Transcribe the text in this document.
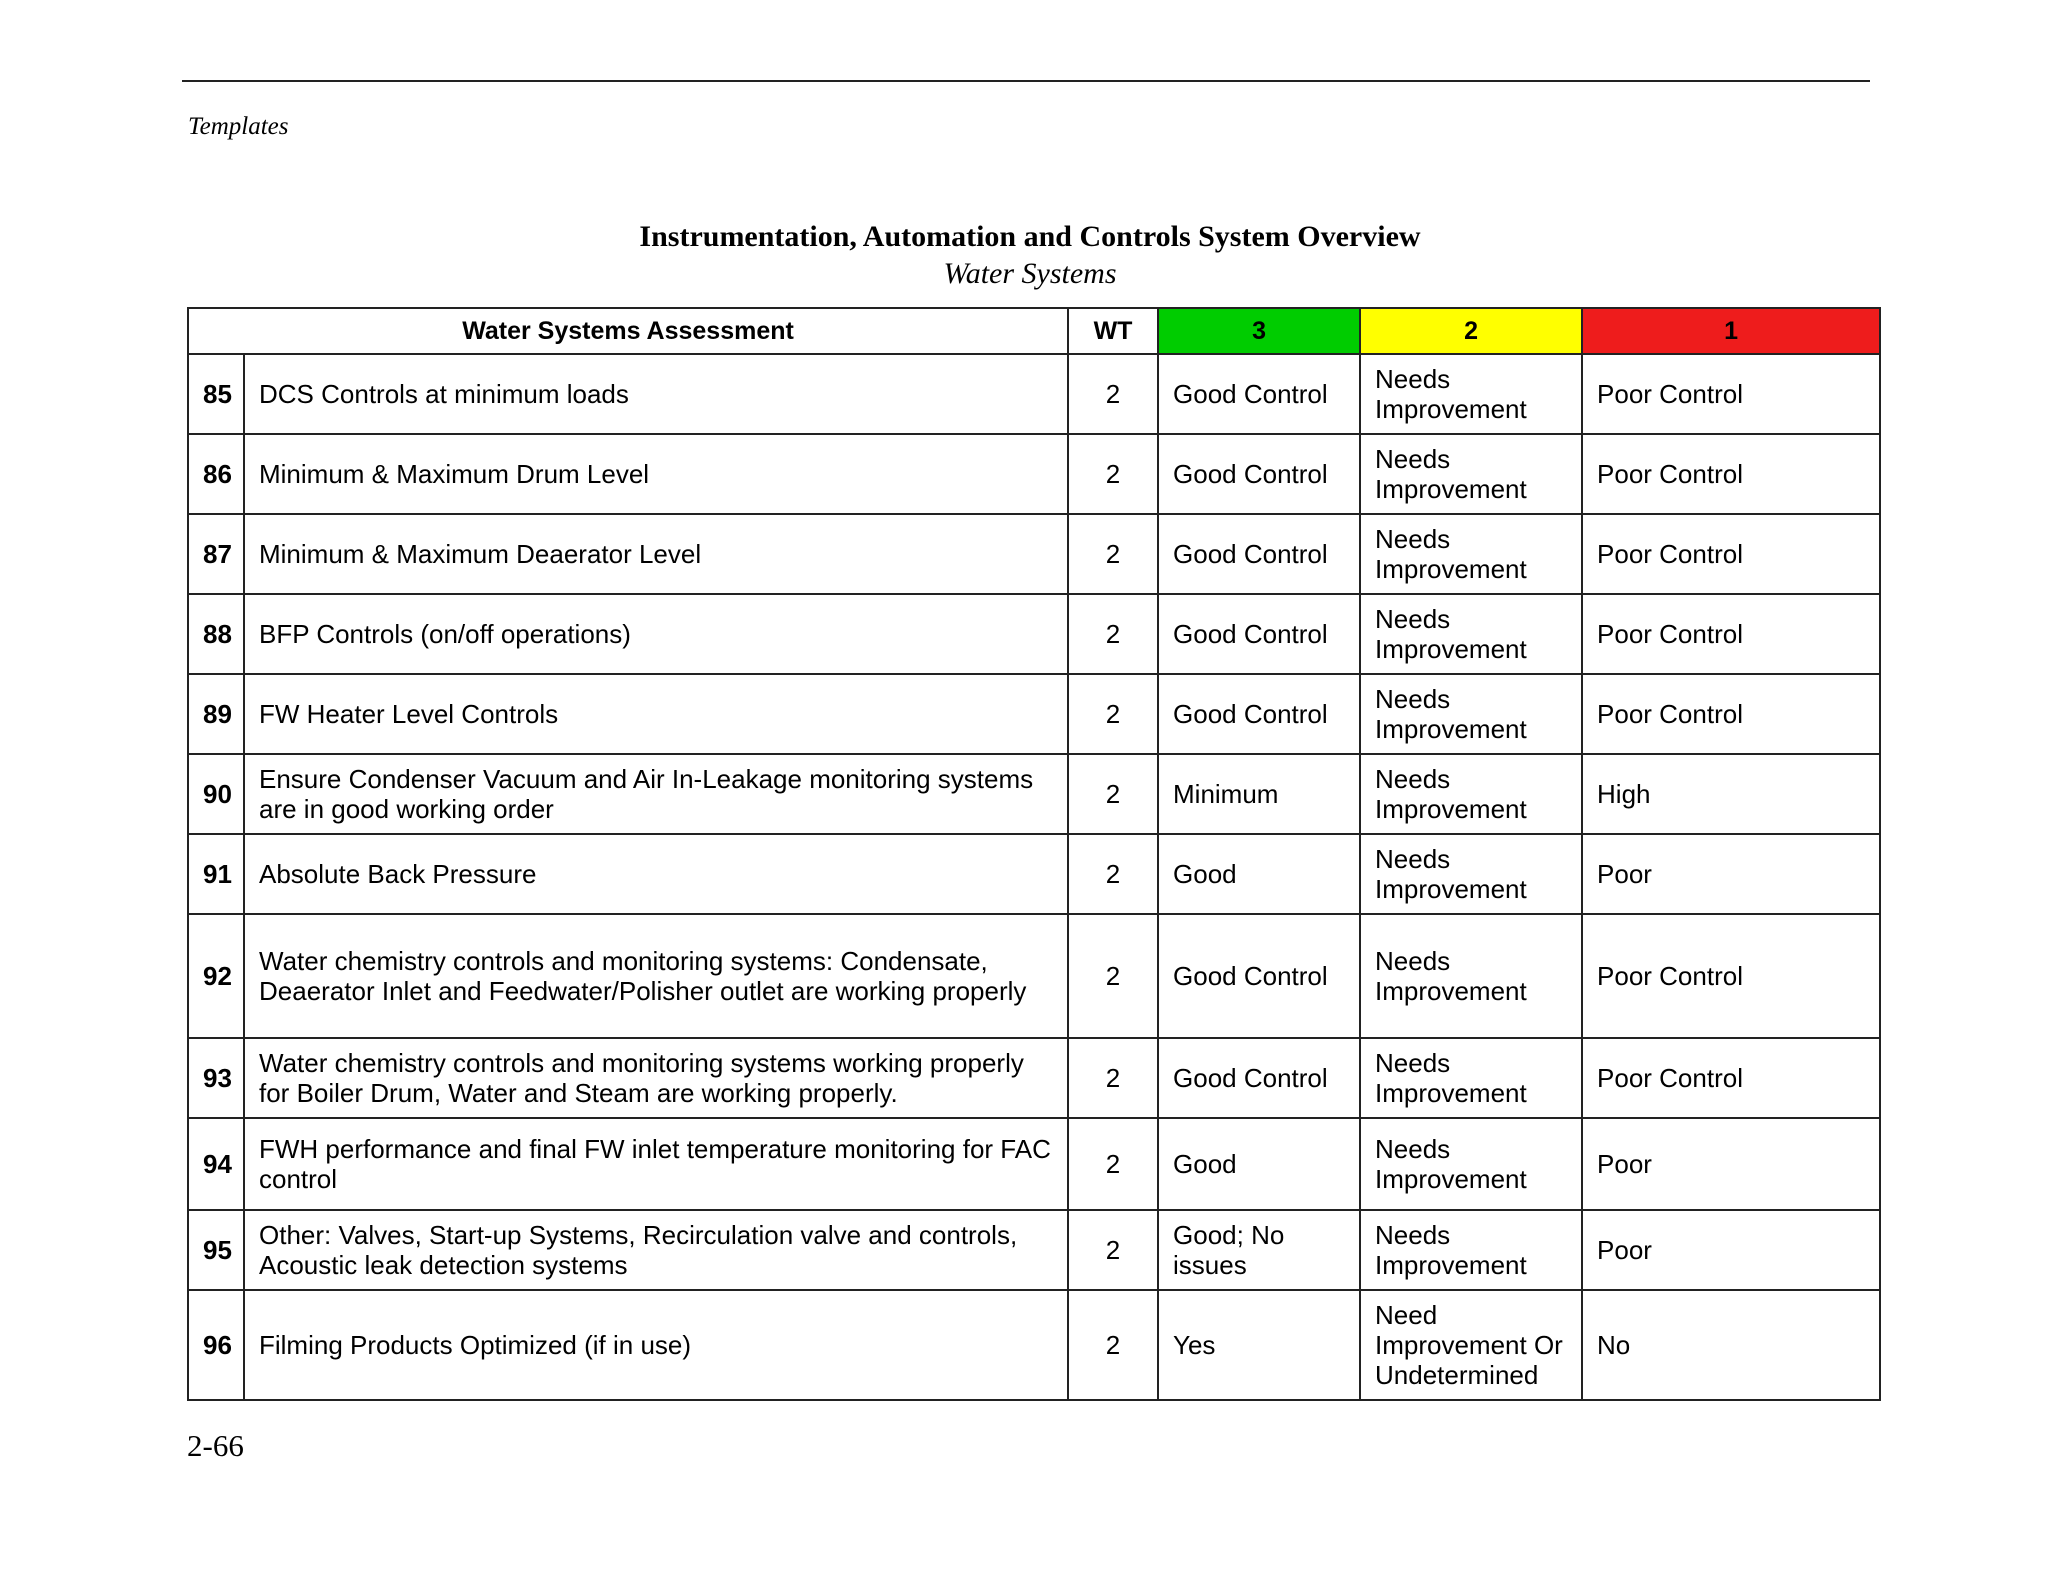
Templates
Instrumentation, Automation and Controls System Overview
Water Systems
Water Systems Assessment		WT	3	2	1
85	DCS Controls at minimum loads	2	Good Control	Needs Improvement	Poor Control
86	Minimum & Maximum Drum Level	2	Good Control	Needs Improvement	Poor Control
87	Minimum & Maximum Deaerator Level	2	Good Control	Needs Improvement	Poor Control
88	BFP Controls (on/off operations)	2	Good Control	Needs Improvement	Poor Control
89	FW Heater Level Controls	2	Good Control	Needs Improvement	Poor Control
90	Ensure Condenser Vacuum and Air In-Leakage monitoring systems are in good working order	2	Minimum	Needs Improvement	High
91	Absolute Back Pressure	2	Good	Needs Improvement	Poor
92	Water chemistry controls and monitoring systems: Condensate, Deaerator Inlet and Feedwater/Polisher outlet are working properly	2	Good Control	Needs Improvement	Poor Control
93	Water chemistry controls and monitoring systems working properly for Boiler Drum, Water and Steam are working properly.	2	Good Control	Needs Improvement	Poor Control
94	FWH performance and final FW inlet temperature monitoring for FAC control	2	Good	Needs Improvement	Poor
95	Other: Valves, Start-up Systems, Recirculation valve and controls, Acoustic leak detection systems	2	Good; No issues	Needs Improvement	Poor
96	Filming Products Optimized (if in use)	2	Yes	Need Improvement Or Undetermined	No
2-66
